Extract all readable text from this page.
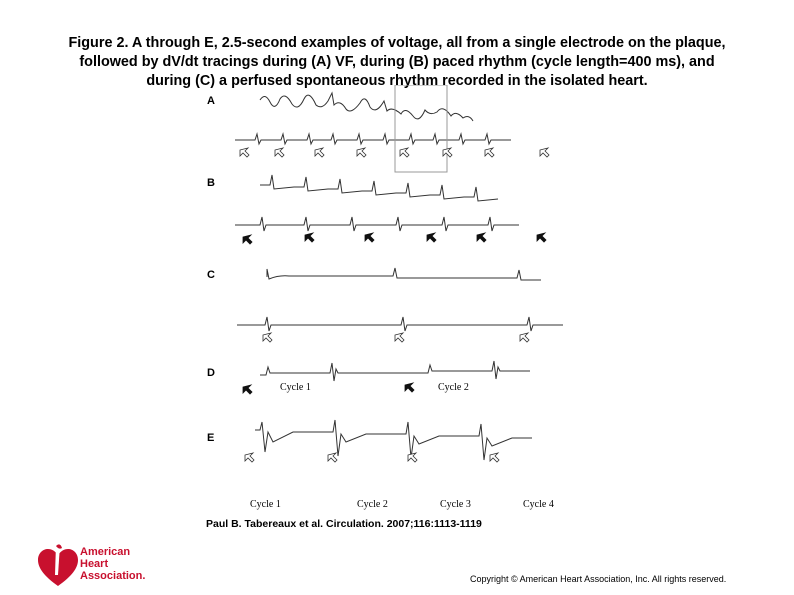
Figure 2. A through E, 2.5-second examples of voltage, all from a single electrode on the plaque,
followed by dV/dt tracings during (A) VF, during (B) paced rhythm (cycle length=400 ms), and
during (C) a perfused spontaneous rhythm recorded in the isolated heart.
A
B
C
D
E
Cycle 1	Cycle 2
Cycle 1	Cycle 2	Cycle 3	Cycle 4
Paul B. Tabereaux et al. Circulation. 2007;116:1113-1119
American
Heart
Association.	Copyright © American Heart Association, Inc. All rights reserved.
